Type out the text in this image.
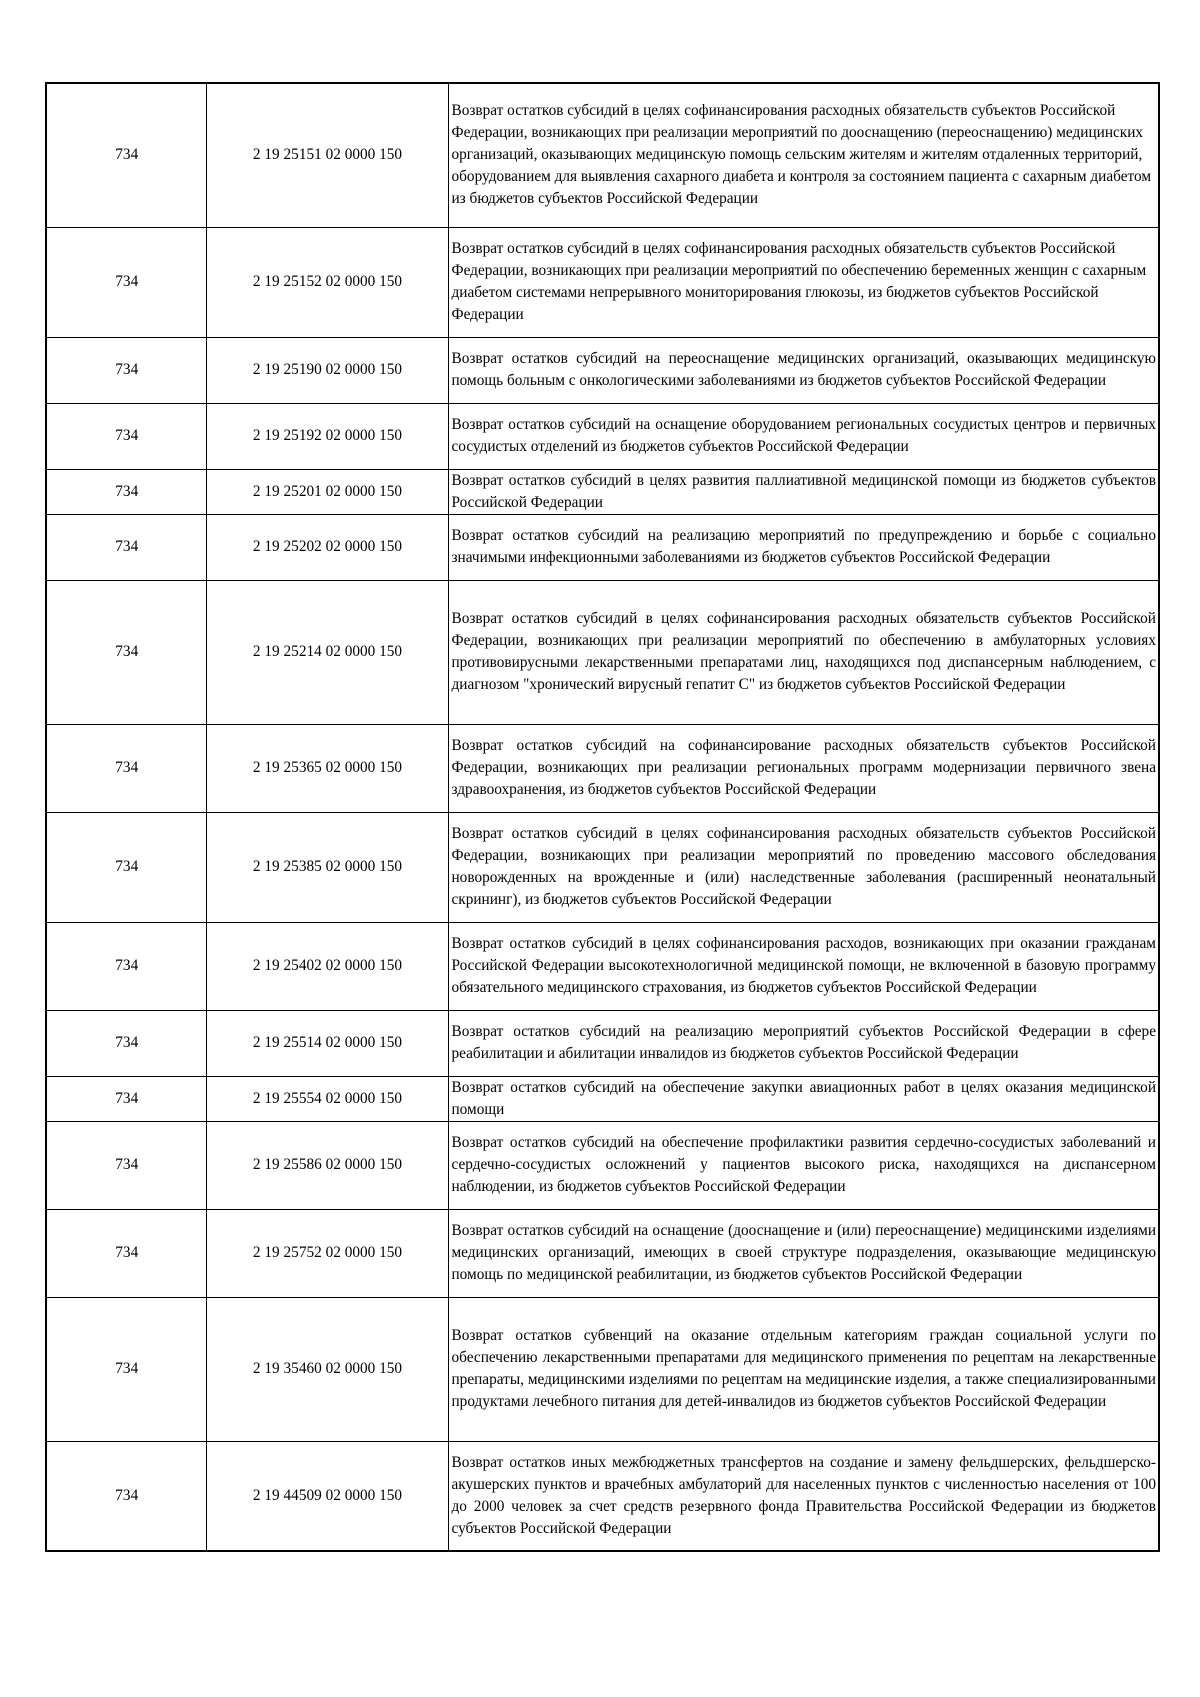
734	2 19 25151 02 0000 150	Возврат остатков субсидий в целях софинансирования расходных обязательств субъектов Российской Федерации, возникающих при реализации мероприятий по дооснащению (переоснащению) медицинских организаций, оказывающих медицинскую помощь сельским жителям и жителям отдаленных территорий, оборудованием для выявления сахарного диабета и контроля за состоянием пациента с сахарным диабетом из бюджетов субъектов Российской Федерации
734	2 19 25152 02 0000 150	Возврат остатков субсидий в целях софинансирования расходных обязательств субъектов Российской Федерации, возникающих при реализации мероприятий по обеспечению беременных женщин с сахарным диабетом системами непрерывного мониторирования глюкозы, из бюджетов субъектов Российской Федерации
734	2 19 25190 02 0000 150	Возврат остатков субсидий на переоснащение медицинских организаций, оказывающих медицинскую помощь больным с онкологическими заболеваниями из бюджетов субъектов Российской Федерации
734	2 19 25192 02 0000 150	Возврат остатков субсидий на оснащение оборудованием региональных сосудистых центров и первичных сосудистых отделений из бюджетов субъектов Российской Федерации
734	2 19 25201 02 0000 150	Возврат остатков субсидий в целях развития паллиативной медицинской помощи из бюджетов субъектов Российской Федерации
734	2 19 25202 02 0000 150	Возврат остатков субсидий на реализацию мероприятий по предупреждению и борьбе с социально значимыми инфекционными заболеваниями из бюджетов субъектов Российской Федерации
734	2 19 25214 02 0000 150	Возврат остатков субсидий в целях софинансирования расходных обязательств субъектов Российской Федерации, возникающих при реализации мероприятий по обеспечению в амбулаторных условиях противовирусными лекарственными препаратами лиц, находящихся под диспансерным наблюдением, с диагнозом "хронический вирусный гепатит С" из бюджетов субъектов Российской Федерации
734	2 19 25365 02 0000 150	Возврат остатков субсидий на софинансирование расходных обязательств субъектов Российской Федерации, возникающих при реализации региональных программ модернизации первичного звена здравоохранения, из бюджетов субъектов Российской Федерации
734	2 19 25385 02 0000 150	Возврат остатков субсидий в целях софинансирования расходных обязательств субъектов Российской Федерации, возникающих при реализации мероприятий по проведению массового обследования новорожденных на врожденные и (или) наследственные заболевания (расширенный неонатальный скрининг), из бюджетов субъектов Российской Федерации
734	2 19 25402 02 0000 150	Возврат остатков субсидий в целях софинансирования расходов, возникающих при оказании гражданам Российской Федерации высокотехнологичной медицинской помощи, не включенной в базовую программу обязательного медицинского страхования, из бюджетов субъектов Российской Федерации
734	2 19 25514 02 0000 150	Возврат остатков субсидий на реализацию мероприятий субъектов Российской Федерации в сфере реабилитации и абилитации инвалидов из бюджетов субъектов Российской Федерации
734	2 19 25554 02 0000 150	Возврат остатков субсидий на обеспечение закупки авиационных работ в целях оказания медицинской помощи
734	2 19 25586 02 0000 150	Возврат остатков субсидий на обеспечение профилактики развития сердечно-сосудистых заболеваний и сердечно-сосудистых осложнений у пациентов высокого риска, находящихся на диспансерном наблюдении, из бюджетов субъектов Российской Федерации
734	2 19 25752 02 0000 150	Возврат остатков субсидий на оснащение (дооснащение и (или) переоснащение) медицинскими изделиями медицинских организаций, имеющих в своей структуре подразделения, оказывающие медицинскую помощь по медицинской реабилитации, из бюджетов субъектов Российской Федерации
734	2 19 35460 02 0000 150	Возврат остатков субвенций на оказание отдельным категориям граждан социальной услуги по обеспечению лекарственными препаратами для медицинского применения по рецептам на лекарственные препараты, медицинскими изделиями по рецептам на медицинские изделия, а также специализированными продуктами лечебного питания для детей-инвалидов из бюджетов субъектов Российской Федерации
734	2 19 44509 02 0000 150	Возврат остатков иных межбюджетных трансфертов на создание и замену фельдшерских, фельдшерско-акушерских пунктов и врачебных амбулаторий для населенных пунктов с численностью населения от 100 до 2000 человек за счет средств резервного фонда Правительства Российской Федерации из бюджетов субъектов Российской Федерации
